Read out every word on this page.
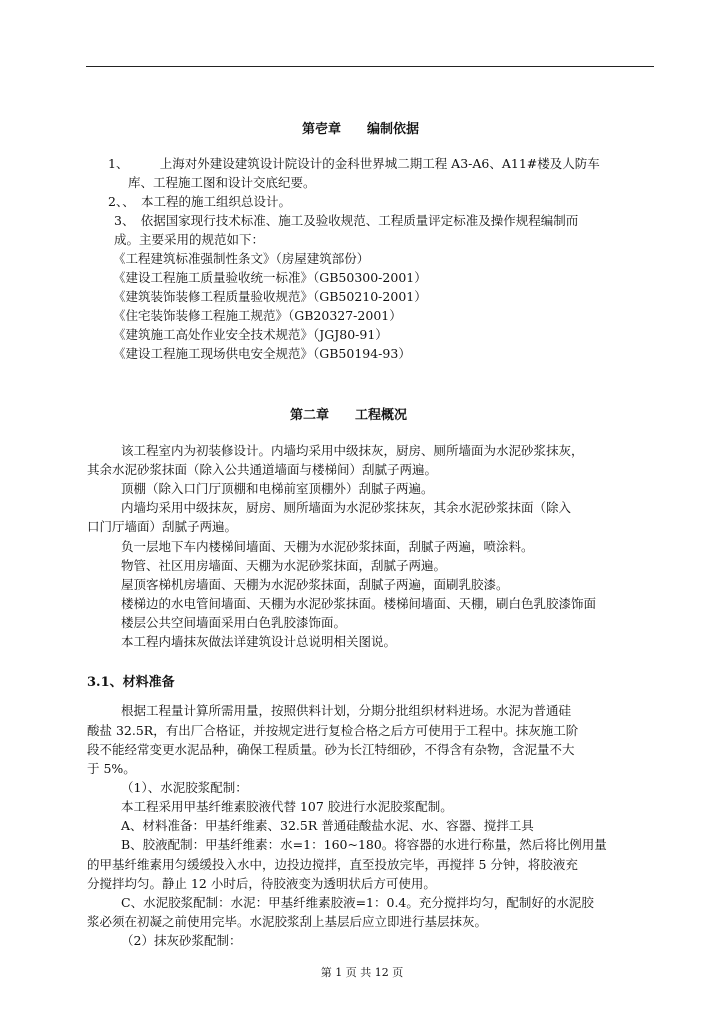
第壱章　　编制依据
1、　　　上海对外建设建筑设计院设计的金科世界城二期工程 A3-A6、A11#楼及人防车
库、工程施工图和设计交底纪要。
2、、　本工程的施工组织总设计。
3、　依据国家现行技术标准、施工及验收规范、工程质量评定标准及操作规程编制而
成。主要采用的规范如下：
《工程建筑标准强制性条文》（房屋建筑部份）
《建设工程施工质量验收统一标准》（GB50300-2001）
《建筑装饰装修工程质量验收规范》（GB50210-2001）
《住宅装饰装修工程施工规范》（GB20327-2001）
《建筑施工高处作业安全技术规范》（JGJ80-91）
《建设工程施工现场供电安全规范》（GB50194-93）
第二章　　工程概况
该工程室内为初装修设计。内墙均采用中级抹灰，厨房、厕所墙面为水泥砂浆抹灰，
其余水泥砂浆抹面（除入公共通道墙面与楼梯间）刮腻子两遍。
顶棚（除入口门厅顶棚和电梯前室顶棚外）刮腻子两遍。
内墙均采用中级抹灰，厨房、厕所墙面为水泥砂浆抹灰，其余水泥砂浆抹面（除入
口门厅墙面）刮腻子两遍。
负一层地下车内楼梯间墙面、天棚为水泥砂浆抹面，刮腻子两遍，喷涂料。
物管、社区用房墙面、天棚为水泥砂浆抹面，刮腻子两遍。
屋顶客梯机房墙面、天棚为水泥砂浆抹面，刮腻子两遍，面刷乳胶漆。
楼梯边的水电管间墙面、天棚为水泥砂浆抹面。楼梯间墙面、天棚，刷白色乳胶漆饰面
楼层公共空间墙面采用白色乳胶漆饰面。
本工程内墙抹灰做法详建筑设计总说明相关图说。
3.1、材料准备
根据工程量计算所需用量，按照供料计划，分期分批组织材料进场。水泥为普通硅
酸盐 32.5R，有出厂合格证，并按规定进行复检合格之后方可使用于工程中。抹灰施工阶
段不能经常变更水泥品种，确保工程质量。砂为长江特细砂，不得含有杂物，含泥量不大
于 5%。
（1）、水泥胶浆配制：
本工程采用甲基纤维素胶液代替 107 胶进行水泥胶浆配制。
A、材料准备：甲基纤维素、32.5R 普通硅酸盐水泥、水、容器、搅拌工具
B、胶液配制：甲基纤维素：水=1：160~180。将容器的水进行称量，然后将比例用量
的甲基纤维素用匀缓缓投入水中，边投边搅拌，直至投放完毕，再搅拌 5 分钟，将胶液充
分搅拌均匀。静止 12 小时后，待胶液变为透明状后方可使用。
C、水泥胶浆配制：水泥：甲基纤维素胶液=1：0.4。充分搅拌均匀，配制好的水泥胶
浆必须在初凝之前使用完毕。水泥胶浆刮上基层后应立即进行基层抹灰。
（2）抹灰砂浆配制：
第 1 页 共 12 页
